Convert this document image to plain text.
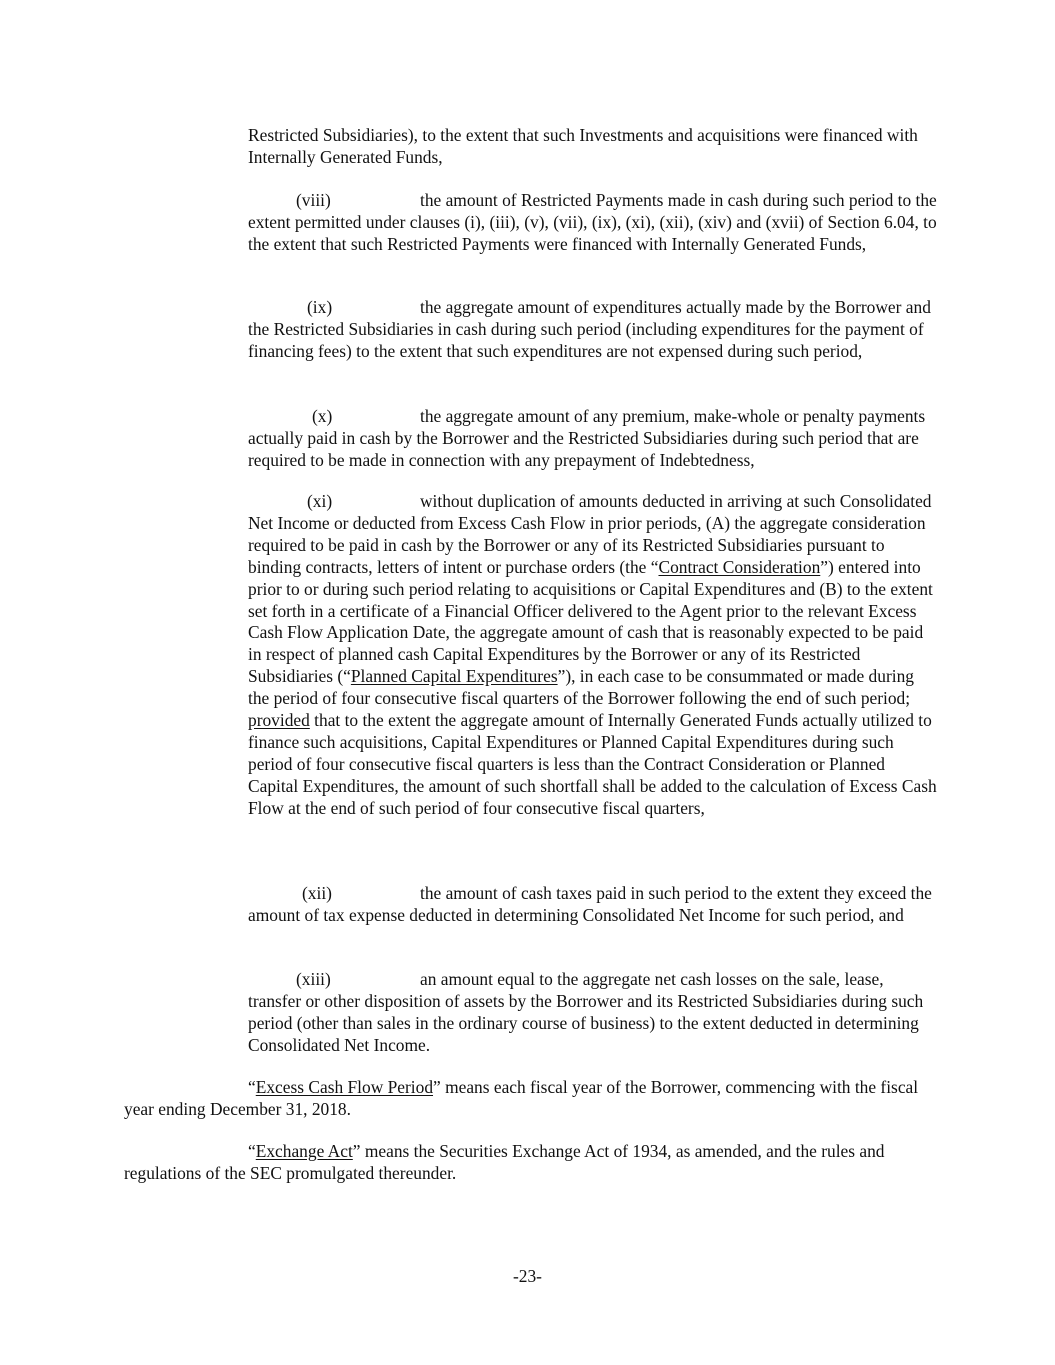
Restricted Subsidiaries), to the extent that such Investments and acquisitions were financed with Internally Generated Funds,

(viii)	the amount of Restricted Payments made in cash during such period to the extent permitted under clauses (i), (iii), (v), (vii), (ix), (xi), (xii), (xiv) and (xvii) of Section 6.04, to the extent that such Restricted Payments were financed with Internally Generated Funds,

(ix)	the aggregate amount of expenditures actually made by the Borrower and the Restricted Subsidiaries in cash during such period (including expenditures for the payment of financing fees) to the extent that such expenditures are not expensed during such period,

(x)	the aggregate amount of any premium, make-whole or penalty payments actually paid in cash by the Borrower and the Restricted Subsidiaries during such period that are required to be made in connection with any prepayment of Indebtedness,

(xi)	without duplication of amounts deducted in arriving at such Consolidated Net Income or deducted from Excess Cash Flow in prior periods, (A) the aggregate consideration required to be paid in cash by the Borrower or any of its Restricted Subsidiaries pursuant to binding contracts, letters of intent or purchase orders (the “Contract Consideration”) entered into prior to or during such period relating to acquisitions or Capital Expenditures and (B) to the extent set forth in a certificate of a Financial Officer delivered to the Agent prior to the relevant Excess Cash Flow Application Date, the aggregate amount of cash that is reasonably expected to be paid in respect of planned cash Capital Expenditures by the Borrower or any of its Restricted Subsidiaries (“Planned Capital Expenditures”), in each case to be consummated or made during the period of four consecutive fiscal quarters of the Borrower following the end of such period; provided that to the extent the aggregate amount of Internally Generated Funds actually utilized to finance such acquisitions, Capital Expenditures or Planned Capital Expenditures during such period of four consecutive fiscal quarters is less than the Contract Consideration or Planned Capital Expenditures, the amount of such shortfall shall be added to the calculation of Excess Cash Flow at the end of such period of four consecutive fiscal quarters,

(xii)	the amount of cash taxes paid in such period to the extent they exceed the amount of tax expense deducted in determining Consolidated Net Income for such period, and

(xiii)	an amount equal to the aggregate net cash losses on the sale, lease, transfer or other disposition of assets by the Borrower and its Restricted Subsidiaries during such period (other than sales in the ordinary course of business) to the extent deducted in determining Consolidated Net Income.

“Excess Cash Flow Period” means each fiscal year of the Borrower, commencing with the fiscal year ending December 31, 2018.

“Exchange Act” means the Securities Exchange Act of 1934, as amended, and the rules and regulations of the SEC promulgated thereunder.

-23-
